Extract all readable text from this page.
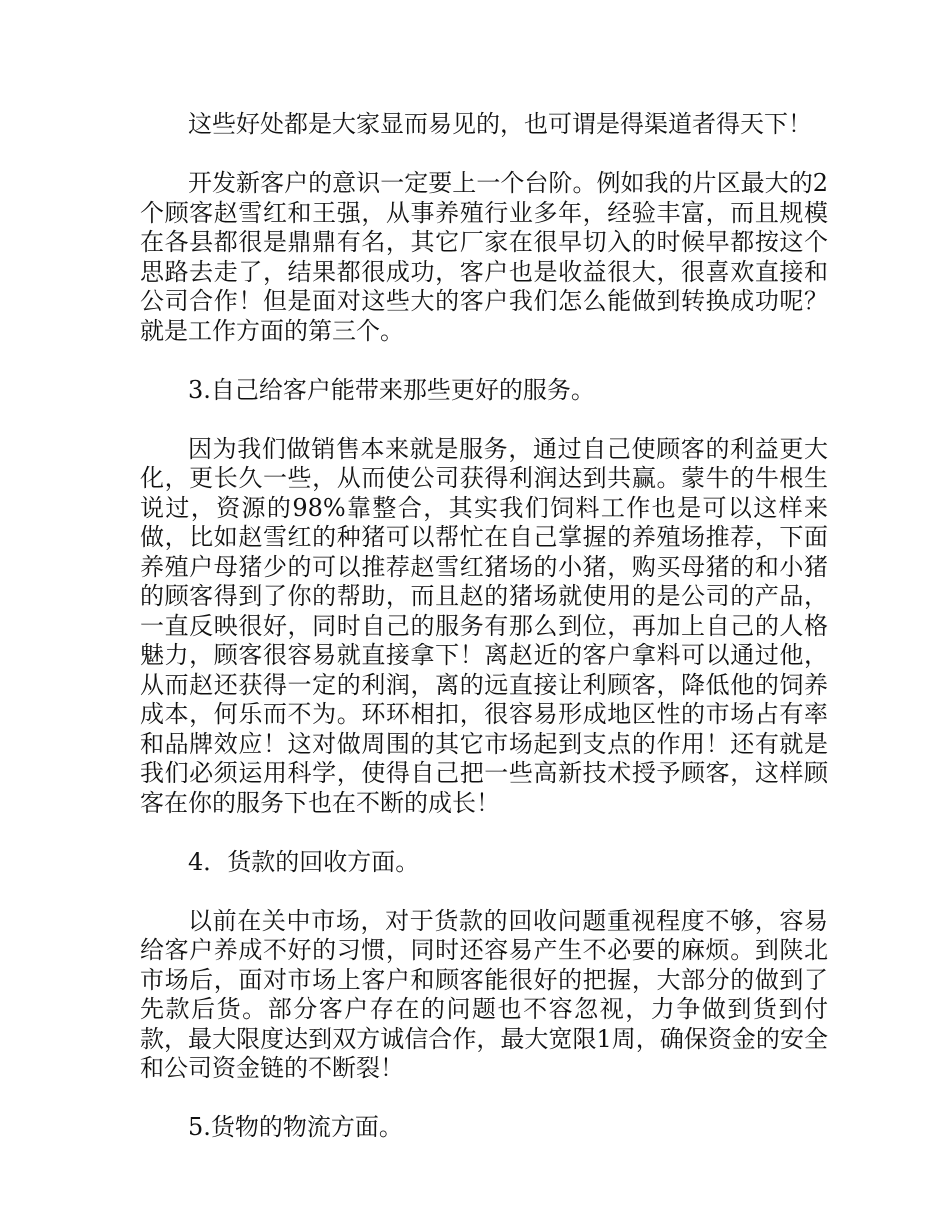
这些好处都是大家显而易见的，也可谓是得渠道者得天下！

开发新客户的意识一定要上一个台阶。例如我的片区最大的2个顾客赵雪红和王强，从事养殖行业多年，经验丰富，而且规模在各县都很是鼎鼎有名，其它厂家在很早切入的时候早都按这个思路去走了，结果都很成功，客户也是收益很大，很喜欢直接和公司合作！但是面对这些大的客户我们怎么能做到转换成功呢？就是工作方面的第三个。

3.自己给客户能带来那些更好的服务。

因为我们做销售本来就是服务，通过自己使顾客的利益更大化，更长久一些，从而使公司获得利润达到共赢。蒙牛的牛根生说过，资源的98%靠整合，其实我们饲料工作也是可以这样来做，比如赵雪红的种猪可以帮忙在自己掌握的养殖场推荐，下面养殖户母猪少的可以推荐赵雪红猪场的小猪，购买母猪的和小猪的顾客得到了你的帮助，而且赵的猪场就使用的是公司的产品，一直反映很好，同时自己的服务有那么到位，再加上自己的人格魅力，顾客很容易就直接拿下！离赵近的客户拿料可以通过他，从而赵还获得一定的利润，离的远直接让利顾客，降低他的饲养成本，何乐而不为。环环相扣，很容易形成地区性的市场占有率和品牌效应！这对做周围的其它市场起到支点的作用！还有就是我们必须运用科学，使得自己把一些高新技术授予顾客，这样顾客在你的服务下也在不断的成长！

4．货款的回收方面。

以前在关中市场，对于货款的回收问题重视程度不够，容易给客户养成不好的习惯，同时还容易产生不必要的麻烦。到陕北市场后，面对市场上客户和顾客能很好的把握，大部分的做到了先款后货。部分客户存在的问题也不容忽视，力争做到货到付款，最大限度达到双方诚信合作，最大宽限1周，确保资金的安全和公司资金链的不断裂！

5.货物的物流方面。
